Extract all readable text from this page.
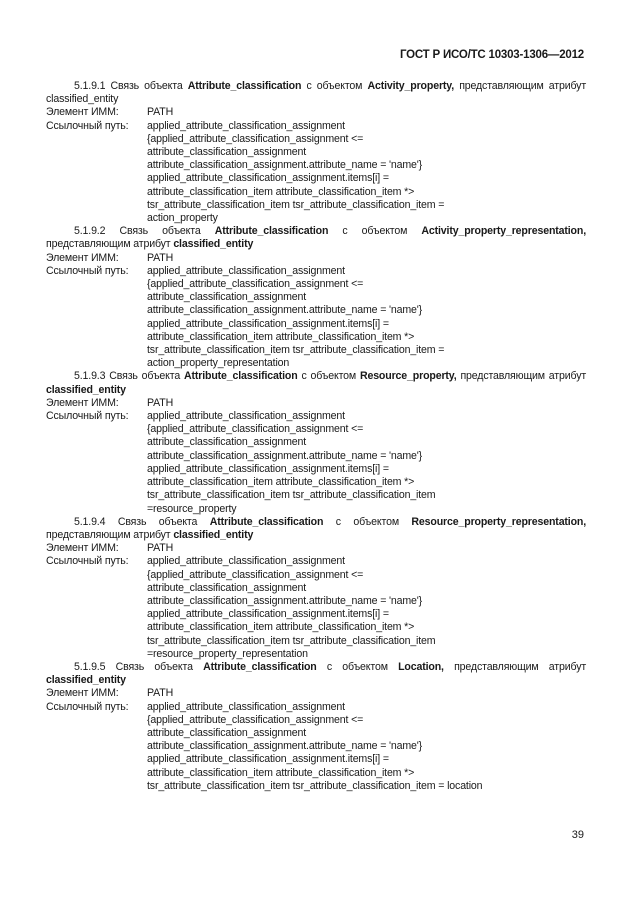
ГОСТ Р ИСО/ТС 10303-1306—2012
5.1.9.1 Связь объекта Attribute_classification с объектом Activity_property, представляющим атрибут classified_entity
Элемент ИММ:	PATH
Ссылочный путь:	applied_attribute_classification_assignment
{applied_attribute_classification_assignment <=
attribute_classification_assignment
attribute_classification_assignment.attribute_name = 'name'}
applied_attribute_classification_assignment.items[i] =
attribute_classification_item attribute_classification_item *>
tsr_attribute_classification_item tsr_attribute_classification_item =
action_property
5.1.9.2 Связь объекта Attribute_classification с объектом Activity_property_representation, представляющим атрибут classified_entity
Элемент ИММ:	PATH
Ссылочный путь:	applied_attribute_classification_assignment
{applied_attribute_classification_assignment <=
attribute_classification_assignment
attribute_classification_assignment.attribute_name = 'name'}
applied_attribute_classification_assignment.items[i] =
attribute_classification_item attribute_classification_item *>
tsr_attribute_classification_item tsr_attribute_classification_item =
action_property_representation
5.1.9.3 Связь объекта Attribute_classification с объектом Resource_property, представляющим атрибут classified_entity
Элемент ИММ:	PATH
Ссылочный путь:	applied_attribute_classification_assignment
{applied_attribute_classification_assignment <=
attribute_classification_assignment
attribute_classification_assignment.attribute_name = 'name'}
applied_attribute_classification_assignment.items[i] =
attribute_classification_item attribute_classification_item *>
tsr_attribute_classification_item tsr_attribute_classification_item
=resource_property
5.1.9.4 Связь объекта Attribute_classification с объектом Resource_property_representation, представляющим атрибут classified_entity
Элемент ИММ:	PATH
Ссылочный путь:	applied_attribute_classification_assignment
{applied_attribute_classification_assignment <=
attribute_classification_assignment
attribute_classification_assignment.attribute_name = 'name'}
applied_attribute_classification_assignment.items[i] =
attribute_classification_item attribute_classification_item *>
tsr_attribute_classification_item tsr_attribute_classification_item
=resource_property_representation
5.1.9.5 Связь объекта Attribute_classification с объектом Location, представляющим атрибут classified_entity
Элемент ИММ:	PATH
Ссылочный путь:	applied_attribute_classification_assignment
{applied_attribute_classification_assignment <=
attribute_classification_assignment
attribute_classification_assignment.attribute_name = 'name'}
applied_attribute_classification_assignment.items[i] =
attribute_classification_item attribute_classification_item *>
tsr_attribute_classification_item tsr_attribute_classification_item = location
39
